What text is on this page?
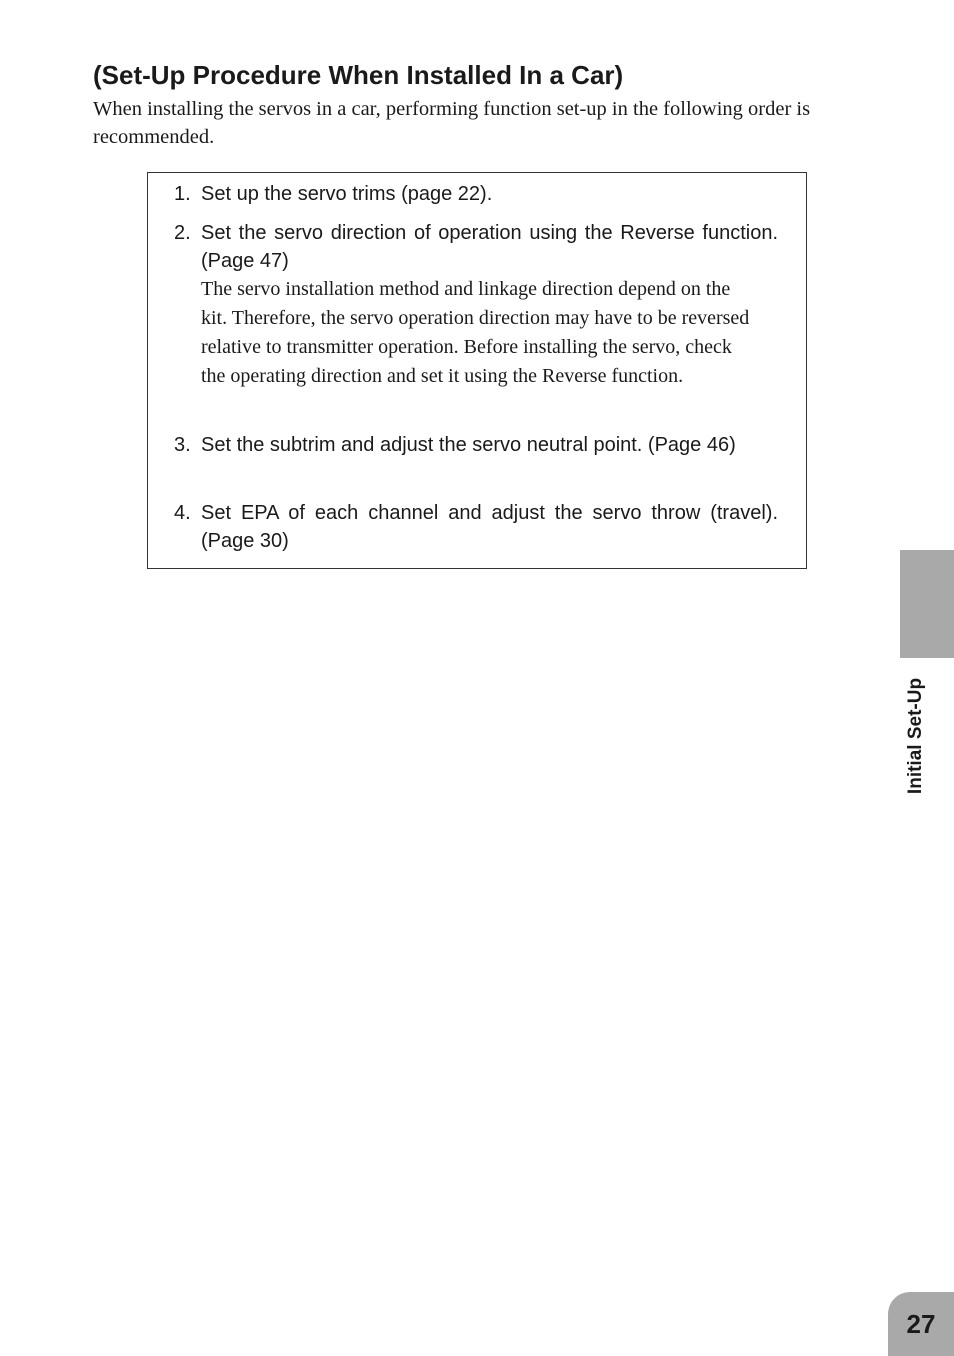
(Set-Up Procedure When Installed In a Car)

When installing the servos in a car, performing function set-up in the following order is recommended.

1. Set up the servo trims (page 22).
2. Set the servo direction of operation using the Reverse function. (Page 47)
The servo installation method and linkage direction depend on the kit. Therefore, the servo operation direction may have to be reversed relative to transmitter operation. Before installing the servo, check the operating direction and set it using the Reverse function.
3. Set the subtrim and adjust the servo neutral point. (Page 46)
4. Set EPA of each channel and adjust the servo throw (travel). (Page 30)
Initial Set-Up
27
